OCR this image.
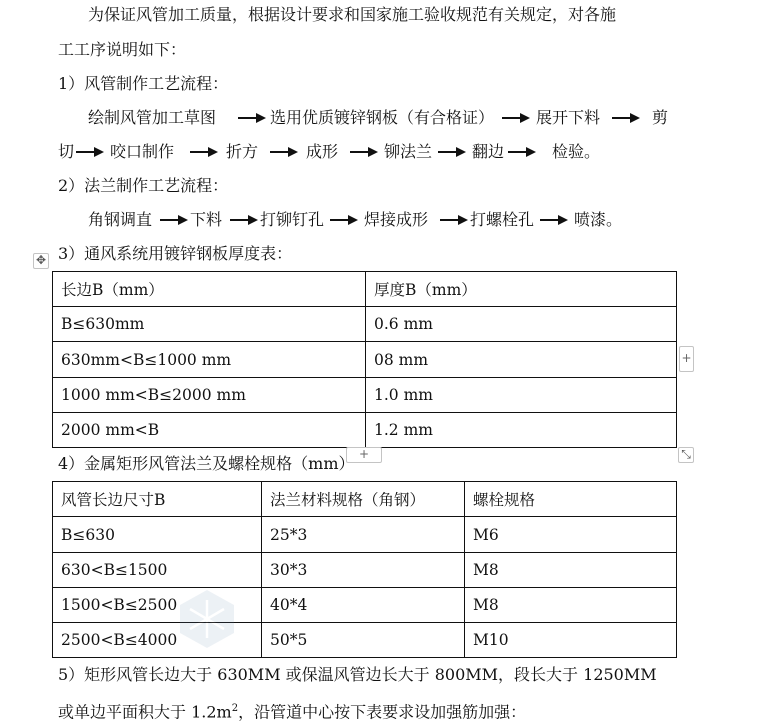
为保证风管加工质量，根据设计要求和国家施工验收规范有关规定，对各施
工工序说明如下：
1）风管制作工艺流程：
绘制风管加工草图	选用优质镀锌钢板（有合格证）	展开下料	剪
切 咬口制作	折方	成形	铆法兰 翻边	检验。
2）法兰制作工艺流程：
角钢调直 下料 打铆钉孔 焊接成形	打螺栓孔 喷漆。
✥ 3）通风系统用镀锌钢板厚度表：
长边B（mm）	厚度B（mm）
B≤630mm	0.6 mm
630mm<B≤1000 mm	08 mm
1000 mm<B≤2000 mm	1.0 mm
2000 mm<B	1.2 mm
+
+	⤡
4）金属矩形风管法兰及螺栓规格（mm）
风管长边尺寸B	法兰材料规格（角钢）	螺栓规格
B≤630	25*3	M6
630<B≤1500	30*3	M8
1500<B≤2500	40*4	M8
2500<B≤4000	50*5	M10
5）矩形风管长边大于 630MM 或保温风管边长大于 800MM，段长大于 1250MM
或单边平面积大于 $1.2m^2$，沿管道中心按下表要求设加强筋加强：
